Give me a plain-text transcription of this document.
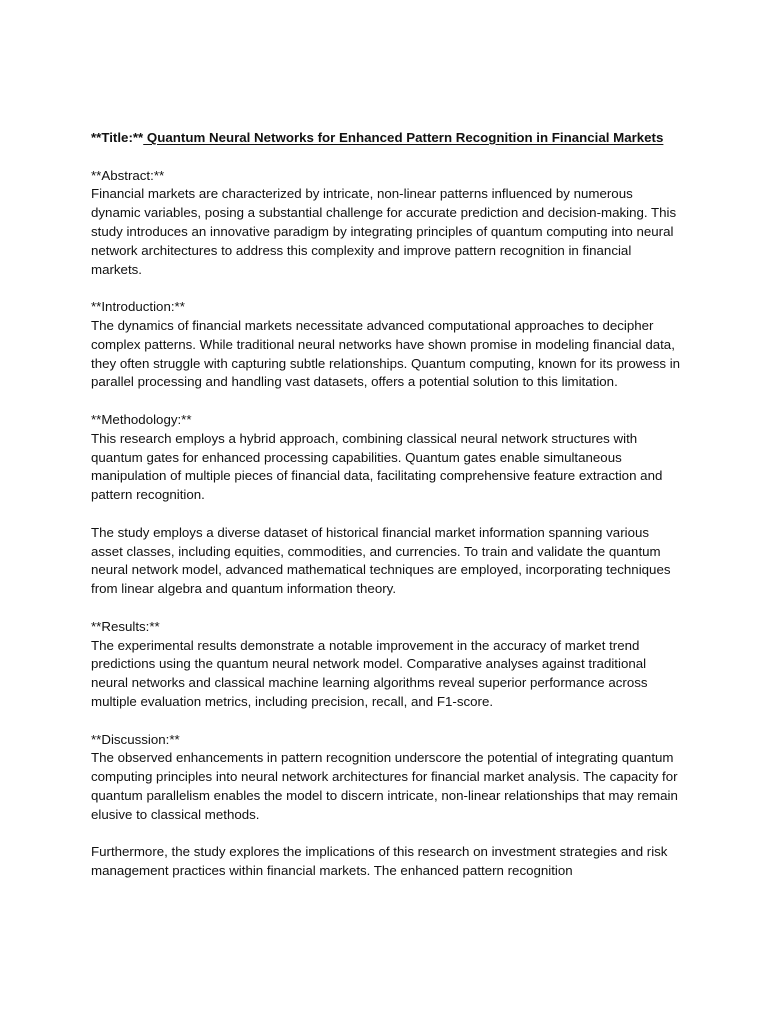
**Title:** Quantum Neural Networks for Enhanced Pattern Recognition in Financial Markets

**Abstract:**

Financial markets are characterized by intricate, non-linear patterns influenced by numerous dynamic variables, posing a substantial challenge for accurate prediction and decision-making. This study introduces an innovative paradigm by integrating principles of quantum computing into neural network architectures to address this complexity and improve pattern recognition in financial markets.

**Introduction:**

The dynamics of financial markets necessitate advanced computational approaches to decipher complex patterns. While traditional neural networks have shown promise in modeling financial data, they often struggle with capturing subtle relationships. Quantum computing, known for its prowess in parallel processing and handling vast datasets, offers a potential solution to this limitation.

**Methodology:**

This research employs a hybrid approach, combining classical neural network structures with quantum gates for enhanced processing capabilities. Quantum gates enable simultaneous manipulation of multiple pieces of financial data, facilitating comprehensive feature extraction and pattern recognition.

The study employs a diverse dataset of historical financial market information spanning various asset classes, including equities, commodities, and currencies. To train and validate the quantum neural network model, advanced mathematical techniques are employed, incorporating techniques from linear algebra and quantum information theory.

**Results:**

The experimental results demonstrate a notable improvement in the accuracy of market trend predictions using the quantum neural network model. Comparative analyses against traditional neural networks and classical machine learning algorithms reveal superior performance across multiple evaluation metrics, including precision, recall, and F1-score.

**Discussion:**

The observed enhancements in pattern recognition underscore the potential of integrating quantum computing principles into neural network architectures for financial market analysis. The capacity for quantum parallelism enables the model to discern intricate, non-linear relationships that may remain elusive to classical methods.

Furthermore, the study explores the implications of this research on investment strategies and risk management practices within financial markets. The enhanced pattern recognition
